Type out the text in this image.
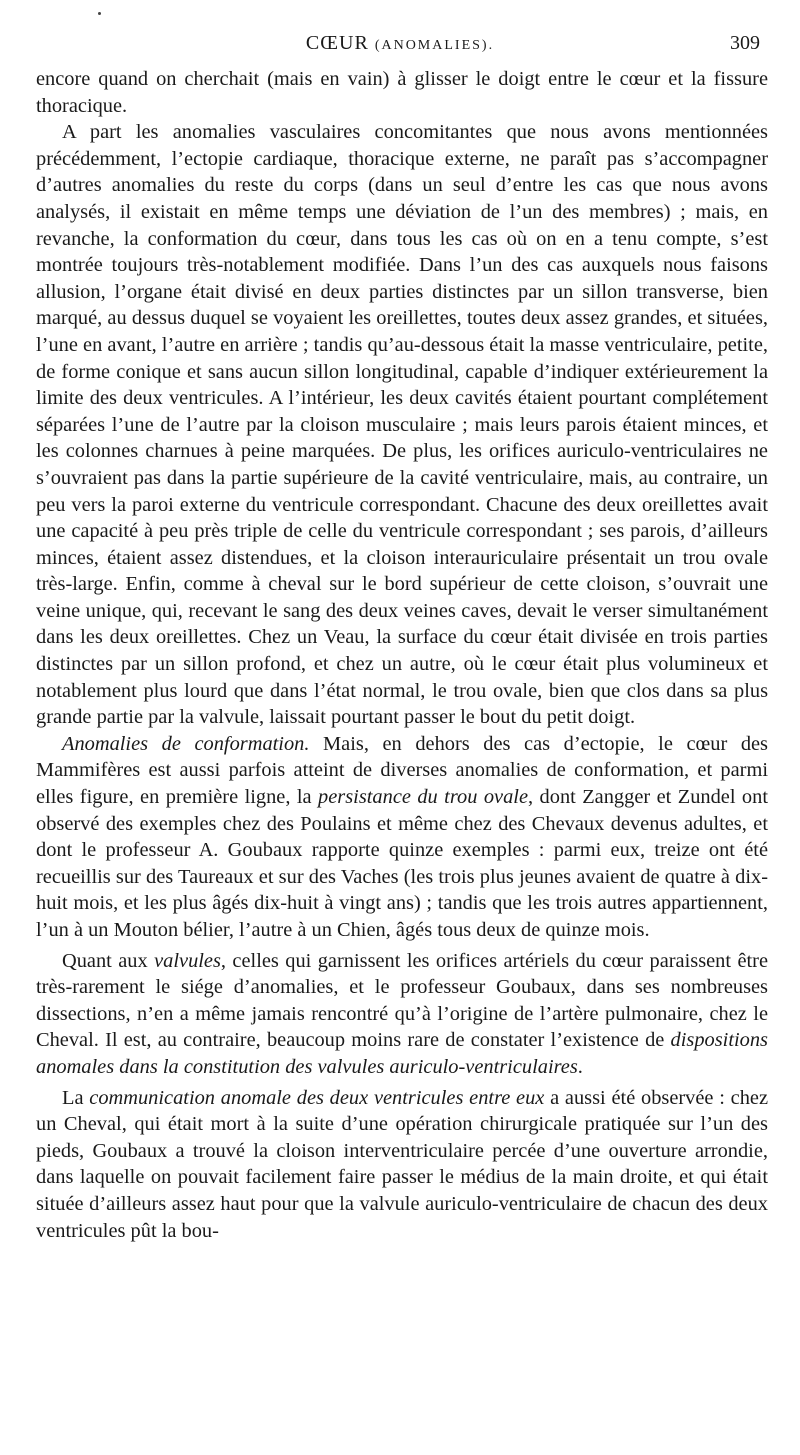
CŒUR (ANOMALIES).	309

encore quand on cherchait (mais en vain) à glisser le doigt entre le cœur et la fissure thoracique.

A part les anomalies vasculaires concomitantes que nous avons mentionnées précédemment, l’ectopie cardiaque, thoracique externe, ne paraît pas s’accompagner d’autres anomalies du reste du corps (dans un seul d’entre les cas que nous avons analysés, il existait en même temps une déviation de l’un des membres) ; mais, en revanche, la conformation du cœur, dans tous les cas où on en a tenu compte, s’est montrée toujours très-notablement modifiée. Dans l’un des cas auxquels nous faisons allusion, l’organe était divisé en deux parties distinctes par un sillon transverse, bien marqué, au dessus duquel se voyaient les oreillettes, toutes deux assez grandes, et situées, l’une en avant, l’autre en arrière ; tandis qu’au-dessous était la masse ventriculaire, petite, de forme conique et sans aucun sillon longitudinal, capable d’indiquer extérieurement la limite des deux ventricules. A l’intérieur, les deux cavités étaient pourtant complétement séparées l’une de l’autre par la cloison musculaire ; mais leurs parois étaient minces, et les colonnes charnues à peine marquées. De plus, les orifices auriculo-ventriculaires ne s’ouvraient pas dans la partie supérieure de la cavité ventriculaire, mais, au contraire, un peu vers la paroi externe du ventricule correspondant. Chacune des deux oreillettes avait une capacité à peu près triple de celle du ventricule correspondant ; ses parois, d’ailleurs minces, étaient assez distendues, et la cloison interauriculaire présentait un trou ovale très-large. Enfin, comme à cheval sur le bord supérieur de cette cloison, s’ouvrait une veine unique, qui, recevant le sang des deux veines caves, devait le verser simultanément dans les deux oreillettes. Chez un Veau, la surface du cœur était divisée en trois parties distinctes par un sillon profond, et chez un autre, où le cœur était plus volumineux et notablement plus lourd que dans l’état normal, le trou ovale, bien que clos dans sa plus grande partie par la valvule, laissait pourtant passer le bout du petit doigt.

Anomalies de conformation. Mais, en dehors des cas d’ectopie, le cœur des Mammifères est aussi parfois atteint de diverses anomalies de conformation, et parmi elles figure, en première ligne, la persistance du trou ovale, dont Zangger et Zundel ont observé des exemples chez des Poulains et même chez des Chevaux devenus adultes, et dont le professeur A. Goubaux rapporte quinze exemples : parmi eux, treize ont été recueillis sur des Taureaux et sur des Vaches (les trois plus jeunes avaient de quatre à dix-huit mois, et les plus âgés dix-huit à vingt ans) ; tandis que les trois autres appartiennent, l’un à un Mouton bélier, l’autre à un Chien, âgés tous deux de quinze mois.

Quant aux valvules, celles qui garnissent les orifices artériels du cœur paraissent être très-rarement le siége d’anomalies, et le professeur Goubaux, dans ses nombreuses dissections, n’en a même jamais rencontré qu’à l’origine de l’artère pulmonaire, chez le Cheval. Il est, au contraire, beaucoup moins rare de constater l’existence de dispositions anomales dans la constitution des valvules auriculo-ventriculaires.

La communication anomale des deux ventricules entre eux a aussi été observée : chez un Cheval, qui était mort à la suite d’une opération chirurgicale pratiquée sur l’un des pieds, Goubaux a trouvé la cloison interventriculaire percée d’une ouverture arrondie, dans laquelle on pouvait facilement faire passer le médius de la main droite, et qui était située d’ailleurs assez haut pour que la valvule auriculo-ventriculaire de chacun des deux ventricules pût la bou-
